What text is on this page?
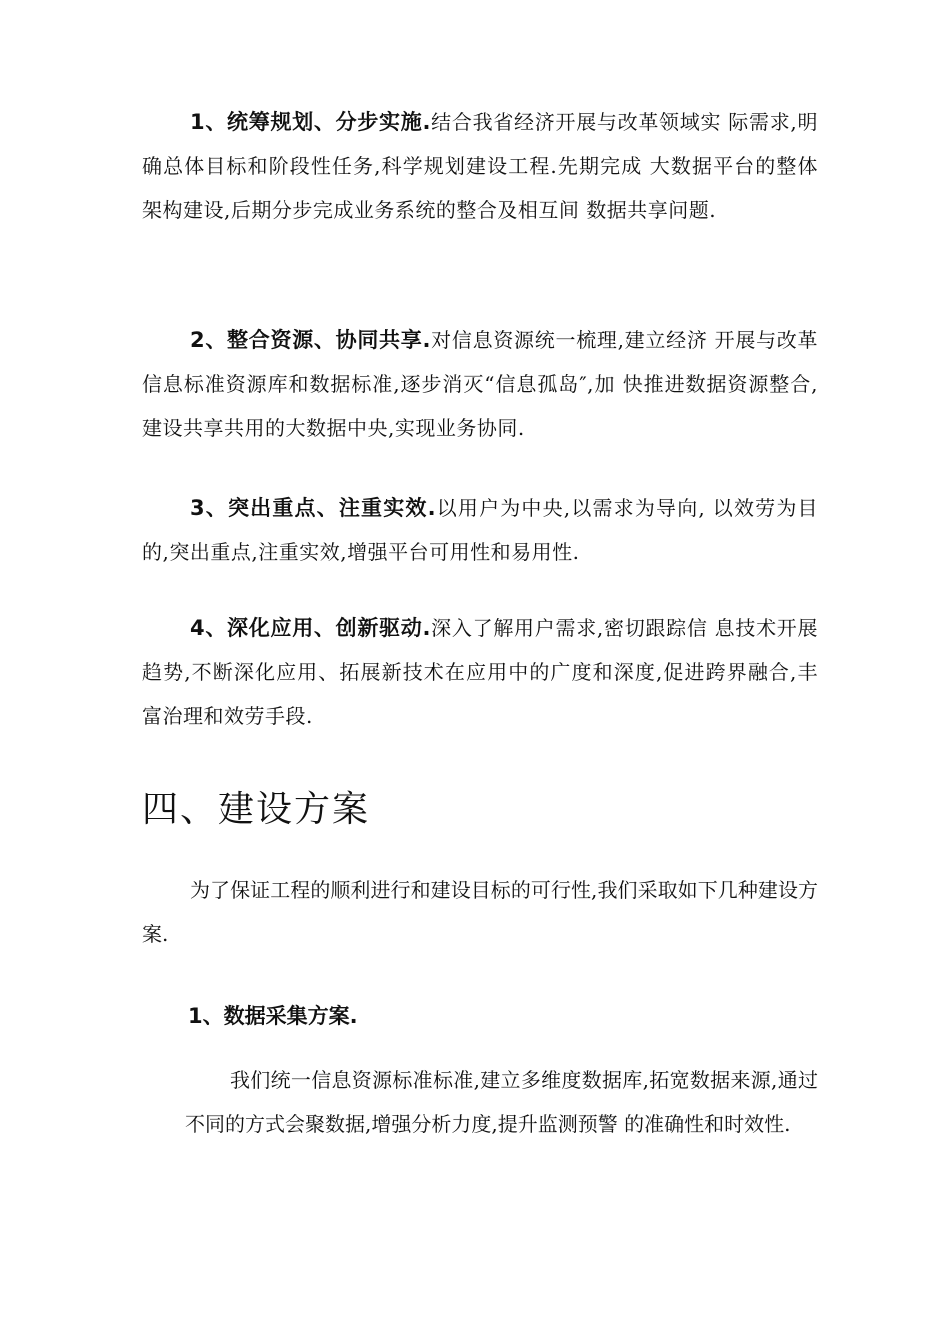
1、统筹规划、分步实施.结合我省经济开展与改革领域实 际需求,明确总体目标和阶段性任务,科学规划建设工程.先期完成 大数据平台的整体架构建设,后期分步完成业务系统的整合及相互间 数据共享问题.

2、整合资源、协同共享.对信息资源统一梳理,建立经济 开展与改革信息标准资源库和数据标准,逐步消灭“信息孤岛″,加 快推进数据资源整合,建设共享共用的大数据中央,实现业务协同.

3、突出重点、注重实效.以用户为中央,以需求为导向, 以效劳为目的,突出重点,注重实效,增强平台可用性和易用性.

4、深化应用、创新驱动.深入了解用户需求,密切跟踪信 息技术开展趋势,不断深化应用、拓展新技术在应用中的广度和深度,促进跨界融合,丰富治理和效劳手段.

四、建设方案

为了保证工程的顺利进行和建设目标的可行性,我们采取如下几种建设方案.

1、数据采集方案.

我们统一信息资源标准标准,建立多维度数据库,拓宽数据来源,通过不同的方式会聚数据,增强分析力度,提升监测预警 的准确性和时效性.
